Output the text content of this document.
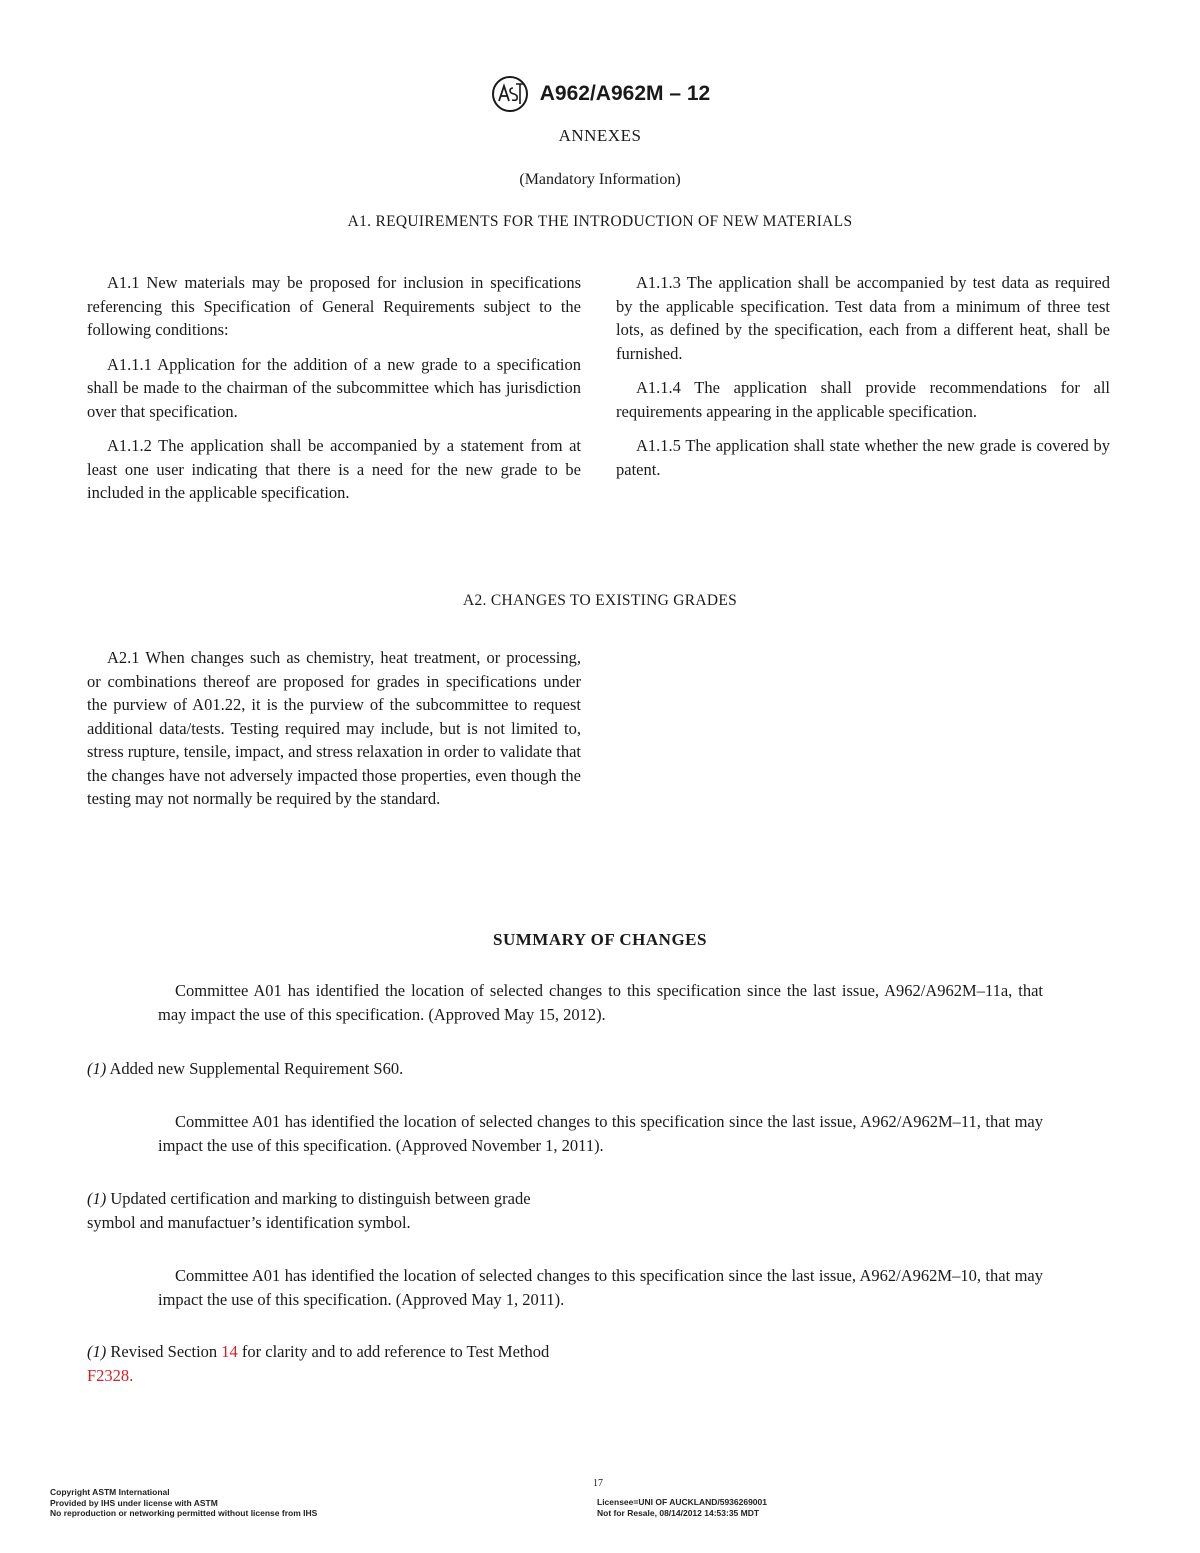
A962/A962M – 12
ANNEXES
(Mandatory Information)
A1. REQUIREMENTS FOR THE INTRODUCTION OF NEW MATERIALS

A1.1 New materials may be proposed for inclusion in specifications referencing this Specification of General Requirements subject to the following conditions:

A1.1.1 Application for the addition of a new grade to a specification shall be made to the chairman of the subcommittee which has jurisdiction over that specification.

A1.1.2 The application shall be accompanied by a statement from at least one user indicating that there is a need for the new grade to be included in the applicable specification.

A1.1.3 The application shall be accompanied by test data as required by the applicable specification. Test data from a minimum of three test lots, as defined by the specification, each from a different heat, shall be furnished.

A1.1.4 The application shall provide recommendations for all requirements appearing in the applicable specification.

A1.1.5 The application shall state whether the new grade is covered by patent.

A2. CHANGES TO EXISTING GRADES

A2.1 When changes such as chemistry, heat treatment, or processing, or combinations thereof are proposed for grades in specifications under the purview of A01.22, it is the purview of the subcommittee to request additional data/tests. Testing required may include, but is not limited to, stress rupture, tensile, impact, and stress relaxation in order to validate that the changes have not adversely impacted those properties, even though the testing may not normally be required by the standard.

SUMMARY OF CHANGES
Committee A01 has identified the location of selected changes to this specification since the last issue, A962/A962M–11a, that may impact the use of this specification. (Approved May 15, 2012).
(1) Added new Supplemental Requirement S60.
Committee A01 has identified the location of selected changes to this specification since the last issue, A962/A962M–11, that may impact the use of this specification. (Approved November 1, 2011).
(1) Updated certification and marking to distinguish between grade symbol and manufactuer’s identification symbol.
Committee A01 has identified the location of selected changes to this specification since the last issue, A962/A962M–10, that may impact the use of this specification. (Approved May 1, 2011).
(1) Revised Section 14 for clarity and to add reference to Test Method F2328.
Copyright ASTM International
Provided by IHS under license with ASTM
No reproduction or networking permitted without license from IHS
17
Licensee=UNI OF AUCKLAND/5936269001
Not for Resale, 08/14/2012 14:53:35 MDT
